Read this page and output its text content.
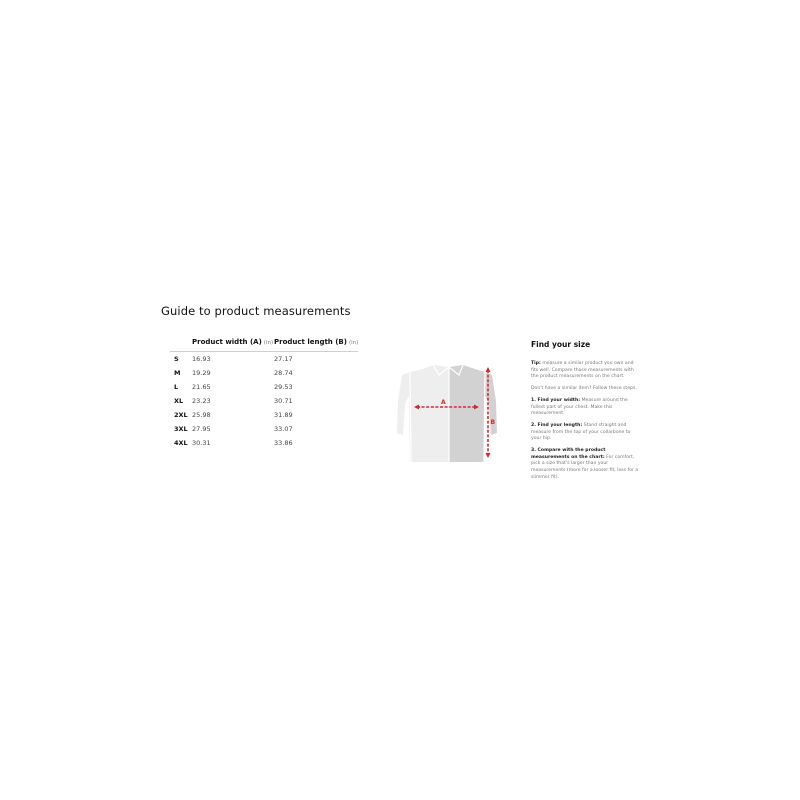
Guide to product measurements
	Product width (A) (in)	Product length (B) (in)
S	16.93	27.17
M	19.29	28.74
L	21.65	29.53
XL	23.23	30.71
2XL	25.98	31.89
3XL	27.95	33.07
4XL	30.31	33.86
A
B
Find your size
Tip: measure a similar product you own and fits well. Compare those measurements with the product measurements on the chart.
Don't have a similar item? Follow these steps.
1. Find your width: Measure around the fullest part of your chest. Make this measurement.
2. Find your length: Stand straight and measure from the top of your collarbone to your hip.
3. Compare with the product measurements on the chart: For comfort, pick a size that's larger than your measurements (more for a looser fit, less for a slimmer fit).
